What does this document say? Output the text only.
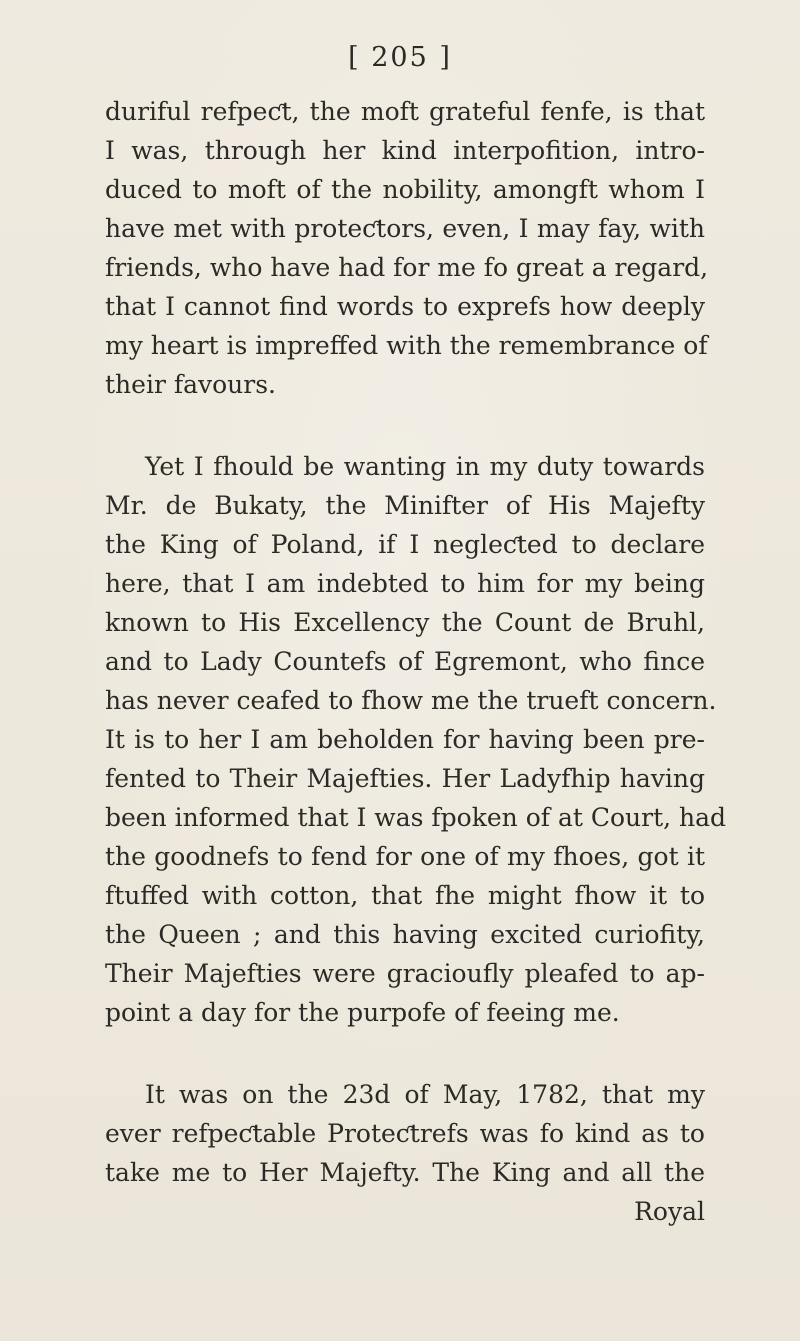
[ 205 ]
duriful refpeƈt, the moft grateful fenfe, is that
I was, through her kind interpofition, intro-
duced to moft of the nobility, amongft whom I
have met with proteƈtors, even, I may fay, with
friends, who have had for me fo great a regard,
that I cannot find words to exprefs how deeply
my heart is impreffed with the remembrance of
their favours.
Yet I fhould be wanting in my duty towards
Mr. de Bukaty, the Minifter of His Majefty
the King of Poland, if I negleƈted to declare
here, that I am indebted to him for my being
known to His Excellency the Count de Bruhl,
and to Lady Countefs of Egremont, who fince
has never ceafed to fhow me the trueft concern.
It is to her I am beholden for having been pre-
fented to Their Majefties. Her Ladyfhip having
been informed that I was fpoken of at Court, had
the goodnefs to fend for one of my fhoes, got it
ftuffed with cotton, that fhe might fhow it to
the Queen ; and this having excited curiofity,
Their Majefties were gracioufly pleafed to ap-
point a day for the purpofe of feeing me.
It was on the 23d of May, 1782, that my
ever refpeƈtable Proteƈtrefs was fo kind as to
take me to Her Majefty. The King and all the
Royal
